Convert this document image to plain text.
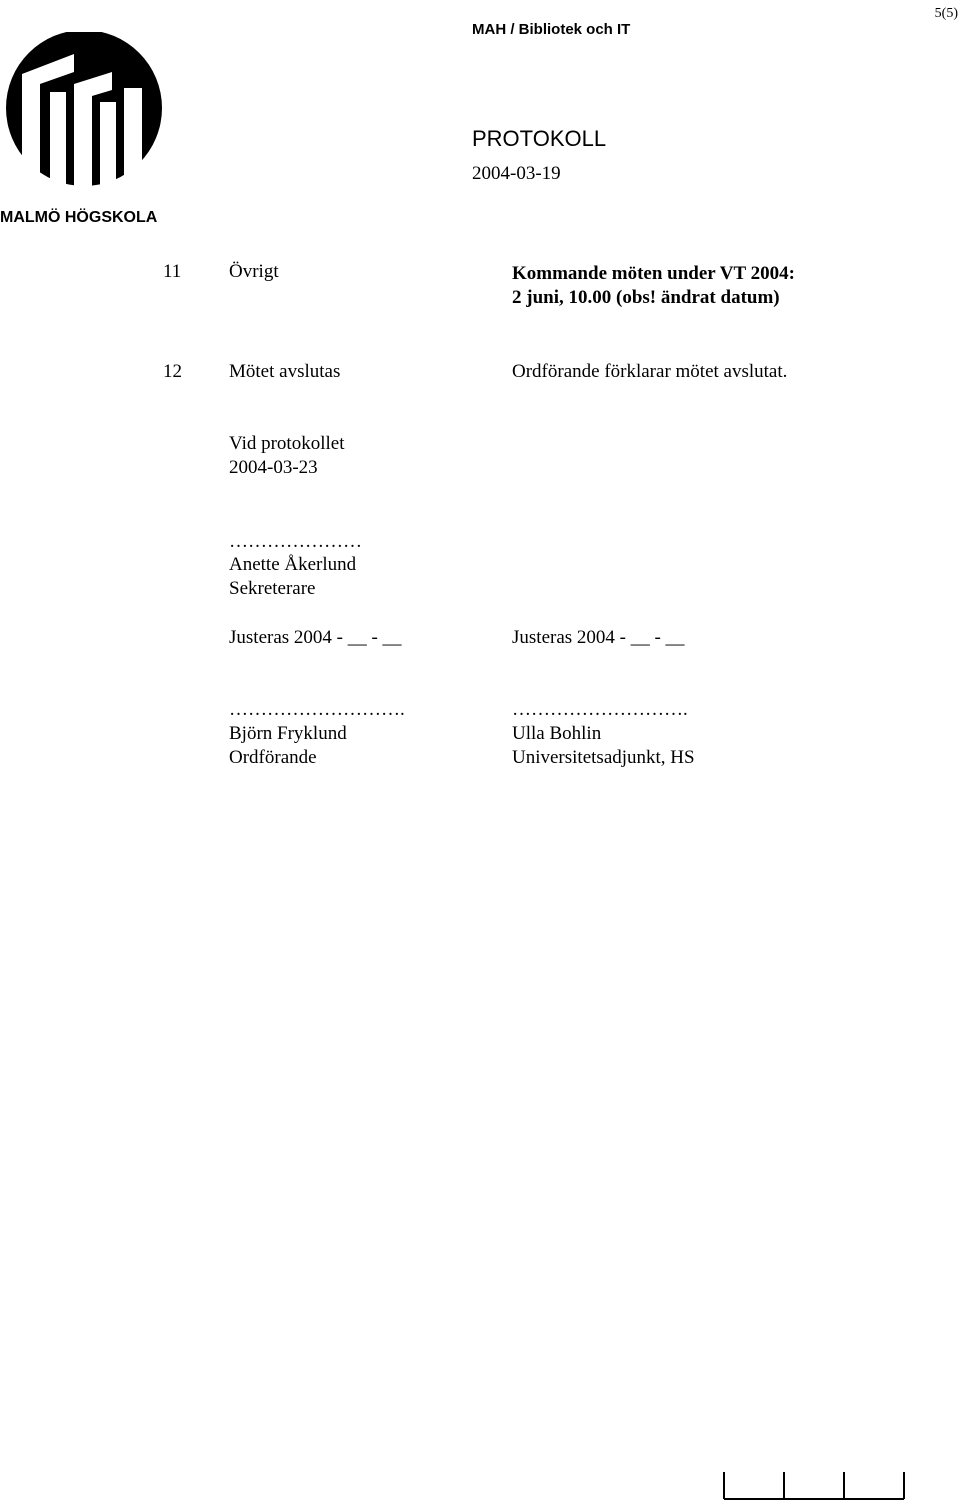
5(5)
MALMÖ HÖGSKOLA
MAH / Bibliotek och IT
PROTOKOLL
2004-03-19
11	Övrigt	Kommande möten under VT 2004:
2 juni, 10.00 (obs! ändrat datum)
12 Mötet avslutas	Ordförande förklarar mötet avslutat.
Vid protokollet
2004-03-23
…………………
Anette Åkerlund
Sekreterare
Justeras 2004 - __ - __	Justeras 2004 - __ - __
……………………….	……………………….
Björn Fryklund	Ulla Bohlin
Ordförande	Universitetsadjunkt, HS
